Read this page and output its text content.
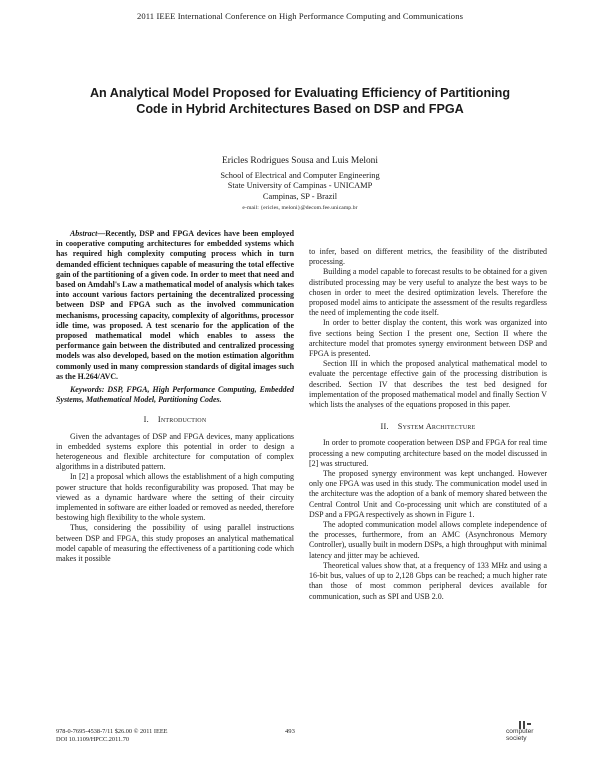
2011 IEEE International Conference on High Performance Computing and Communications
An Analytical Model Proposed for Evaluating Efficiency of Partitioning
Code in Hybrid Architectures Based on DSP and FPGA
Ericles Rodrigues Sousa and Luis Meloni
School of Electrical and Computer Engineering
State University of Campinas - UNICAMP
Campinas, SP - Brazil
e-mail: {ericles, meloni}@decom.fee.unicamp.br

Abstract—Recently, DSP and FPGA devices have been employed in cooperative computing architectures for embedded systems which has required high complexity computing process which in turn demanded efficient techniques capable of measuring the total effective gain of the partitioning of a given code. In order to meet that need and based on Amdahl's Law a mathematical model of analysis which takes into account various factors pertaining the decentralized processing between DSP and FPGA such as the involved communication mechanisms, processing capacity, complexity of algorithms, processor idle time, was proposed. A test scenario for the application of the proposed mathematical model which enables to assess the performance gain between the distributed and centralized processing models was also developed, based on the motion estimation algorithm commonly used in many compression standards of digital images such as the H.264/AVC.

Keywords: DSP, FPGA, High Performance Computing, Embedded Systems, Mathematical Model, Partitioning Codes.

I. Introduction

Given the advantages of DSP and FPGA devices, many applications in embedded systems explore this potential in order to design a heterogeneous and flexible architecture for computation of complex algorithms in a distributed pattern.

In [2] a proposal which allows the establishment of a high computing power structure that holds reconfigurability was proposed. That may be viewed as a dynamic hardware where the setting of their circuity implemented in software are either loaded or removed as needed, therefore bestowing high flexibility to the whole system.

Thus, considering the possibility of using parallel instructions between DSP and FPGA, this study proposes an analytical mathematical model capable of measuring the effectiveness of a partitioning code which makes it possible

to infer, based on different metrics, the feasibility of the distributed processing.

Building a model capable to forecast results to be obtained for a given distributed processing may be very useful to analyze the best ways to be chosen in order to meet the desired optimization levels. Therefore the proposed model aims to anticipate the assessment of the results regardless the need of implementing the code itself.

In order to better display the content, this work was organized into five sections being Section I the present one, Section II where the architecture model that promotes synergy environment between DSP and FPGA is presented.

Section III in which the proposed analytical mathematical model to evaluate the percentage effective gain of the processing distribution is described. Section IV that describes the test bed designed for implementation of the proposed mathematical model and finally Section V which lists the analyses of the equations proposed in this paper.

II. System Architecture

In order to promote cooperation between DSP and FPGA for real time processing a new computing architecture based on the model discussed in [2] was structured.

The proposed synergy environment was kept unchanged. However only one FPGA was used in this study. The communication model used in the architecture was the adoption of a bank of memory shared between the Central Control Unit and Co-processing unit which are constituted of a DSP and a FPGA respectively as shown in Figure 1.

The adopted communication model allows complete independence of the processes, furthermore, from an AMC (Asynchronous Memory Controller), usually built in modern DSPs, a high throughput with minimal latency and jitter may be achieved.

Theoretical values show that, at a frequency of 133 MHz and using a 16-bit bus, values of up to 2,128 Gbps can be reached; a much higher rate than those of most common peripheral devices available for communication, such as SPI and USB 2.0.

978-0-7695-4538-7/11 $26.00 © 2011 IEEE
DOI 10.1109/HPCC.2011.70
493	computer
society
